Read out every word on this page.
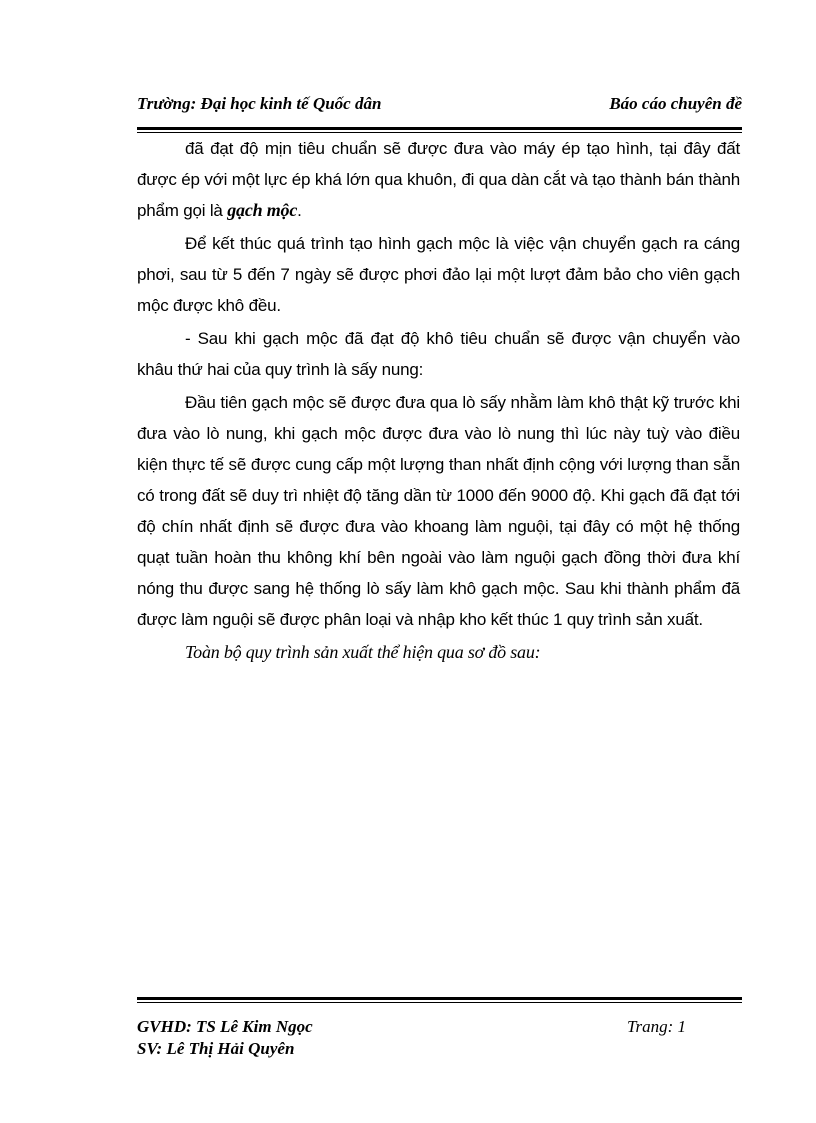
Trường: Đại học kinh tế Quốc dân	Báo cáo chuyên đề

đã đạt độ mịn tiêu chuẩn sẽ được đưa vào máy ép tạo hình, tại đây đất được ép với một lực ép khá lớn qua khuôn, đi qua dàn cắt và tạo thành bán thành phẩm gọi là gạch mộc.

Để kết thúc quá trình tạo hình gạch mộc là việc vận chuyển gạch ra cáng phơi, sau từ 5 đến 7 ngày sẽ được phơi đảo lại một lượt đảm bảo cho viên gạch mộc được khô đều.

- Sau khi gạch mộc đã đạt độ khô tiêu chuẩn sẽ được vận chuyển vào khâu thứ hai của quy trình là sấy nung:

Đầu tiên gạch mộc sẽ được đưa qua lò sấy nhằm làm khô thật kỹ trước khi đưa vào lò nung, khi gạch mộc được đưa vào lò nung thì lúc này tuỳ vào điều kiện thực tế sẽ được cung cấp một lượng than nhất định cộng với lượng than sẵn có trong đất sẽ duy trì nhiệt độ tăng dần từ 1000 đến 9000 độ. Khi gạch đã đạt tới độ chín nhất định sẽ được đưa vào khoang làm nguội, tại đây có một hệ thống quạt tuần hoàn thu không khí bên ngoài vào làm nguội gạch đồng thời đưa khí nóng thu được sang hệ thống lò sấy làm khô gạch mộc. Sau khi thành phẩm đã được làm nguội sẽ được phân loại và nhập kho kết thúc 1 quy trình sản xuất.

Toàn bộ quy trình sản xuất thể hiện qua sơ đồ sau:

GVHD: TS Lê Kim Ngọc
SV: Lê Thị Hải Quyên
Trang: 1
